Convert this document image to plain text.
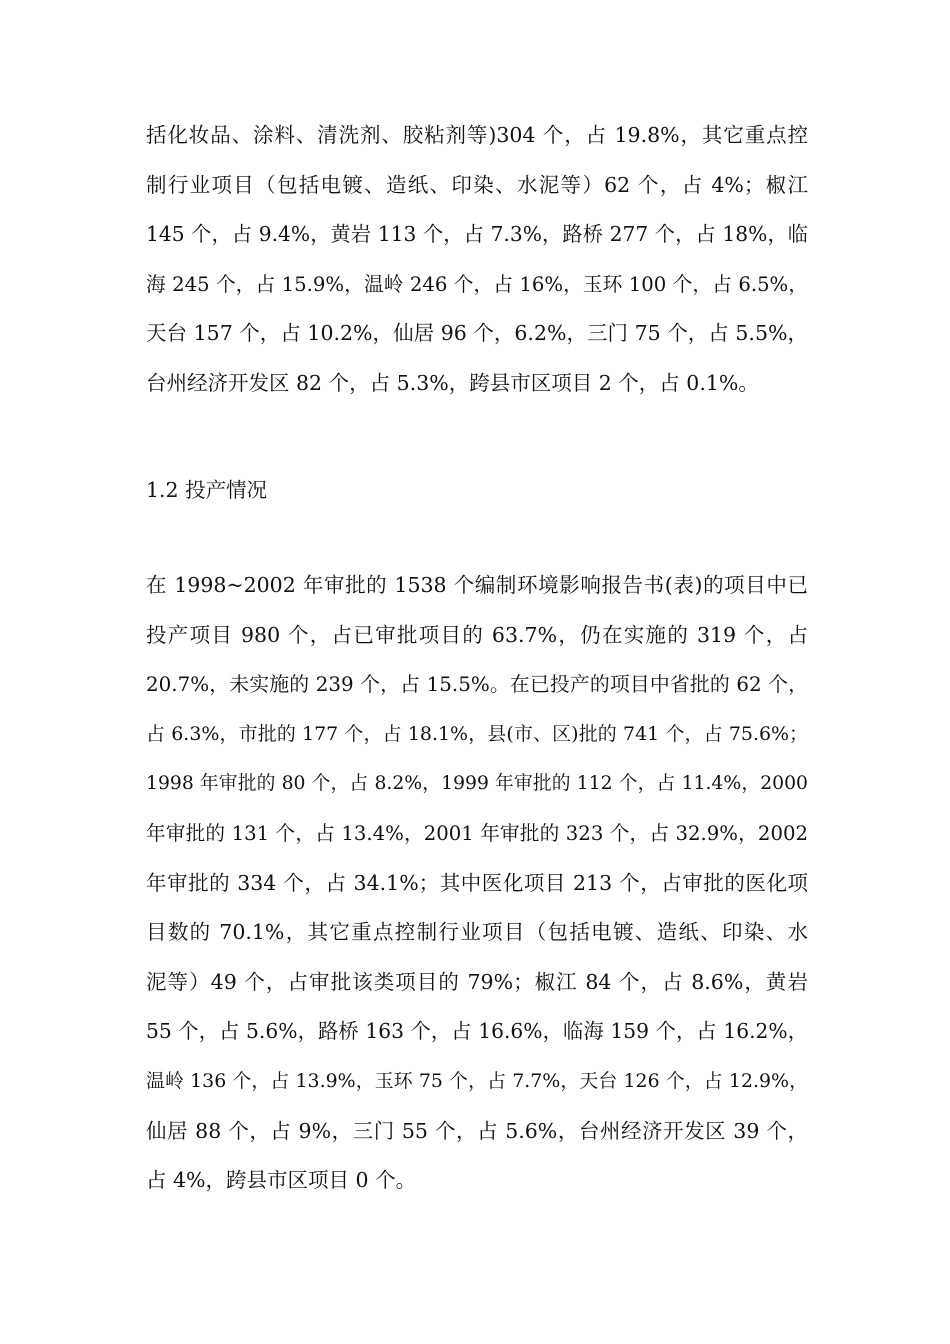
括化妆品、涂料、清洗剂、胶粘剂等)304 个，占 19.8%，其它重点控
制行业项目（包括电镀、造纸、印染、水泥等）62 个，占 4%；椒江
145 个，占 9.4%，黄岩 113 个，占 7.3%，路桥 277 个，占 18%，临
海 245 个，占 15.9%，温岭 246 个，占 16%，玉环 100 个，占 6.5%，
天台 157 个，占 10.2%，仙居 96 个，6.2%，三门 75 个，占 5.5%，
台州经济开发区 82 个，占 5.3%，跨县市区项目 2 个，占 0.1%。
1.2 投产情况
在 1998~2002 年审批的 1538 个编制环境影响报告书(表)的项目中已
投产项目 980 个，占已审批项目的 63.7%，仍在实施的 319 个，占
20.7%，未实施的 239 个，占 15.5%。在已投产的项目中省批的 62 个，
占 6.3%，市批的 177 个，占 18.1%，县(市、区)批的 741 个，占 75.6%；
1998 年审批的 80 个，占 8.2%，1999 年审批的 112 个，占 11.4%，2000
年审批的 131 个，占 13.4%，2001 年审批的 323 个，占 32.9%，2002
年审批的 334 个，占 34.1%；其中医化项目 213 个，占审批的医化项
目数的 70.1%，其它重点控制行业项目（包括电镀、造纸、印染、水
泥等）49 个，占审批该类项目的 79%；椒江 84 个，占 8.6%，黄岩
55 个，占 5.6%，路桥 163 个，占 16.6%，临海 159 个，占 16.2%，
温岭 136 个，占 13.9%，玉环 75 个，占 7.7%，天台 126 个，占 12.9%，
仙居 88 个，占 9%，三门 55 个，占 5.6%，台州经济开发区 39 个，
占 4%，跨县市区项目 0 个。
